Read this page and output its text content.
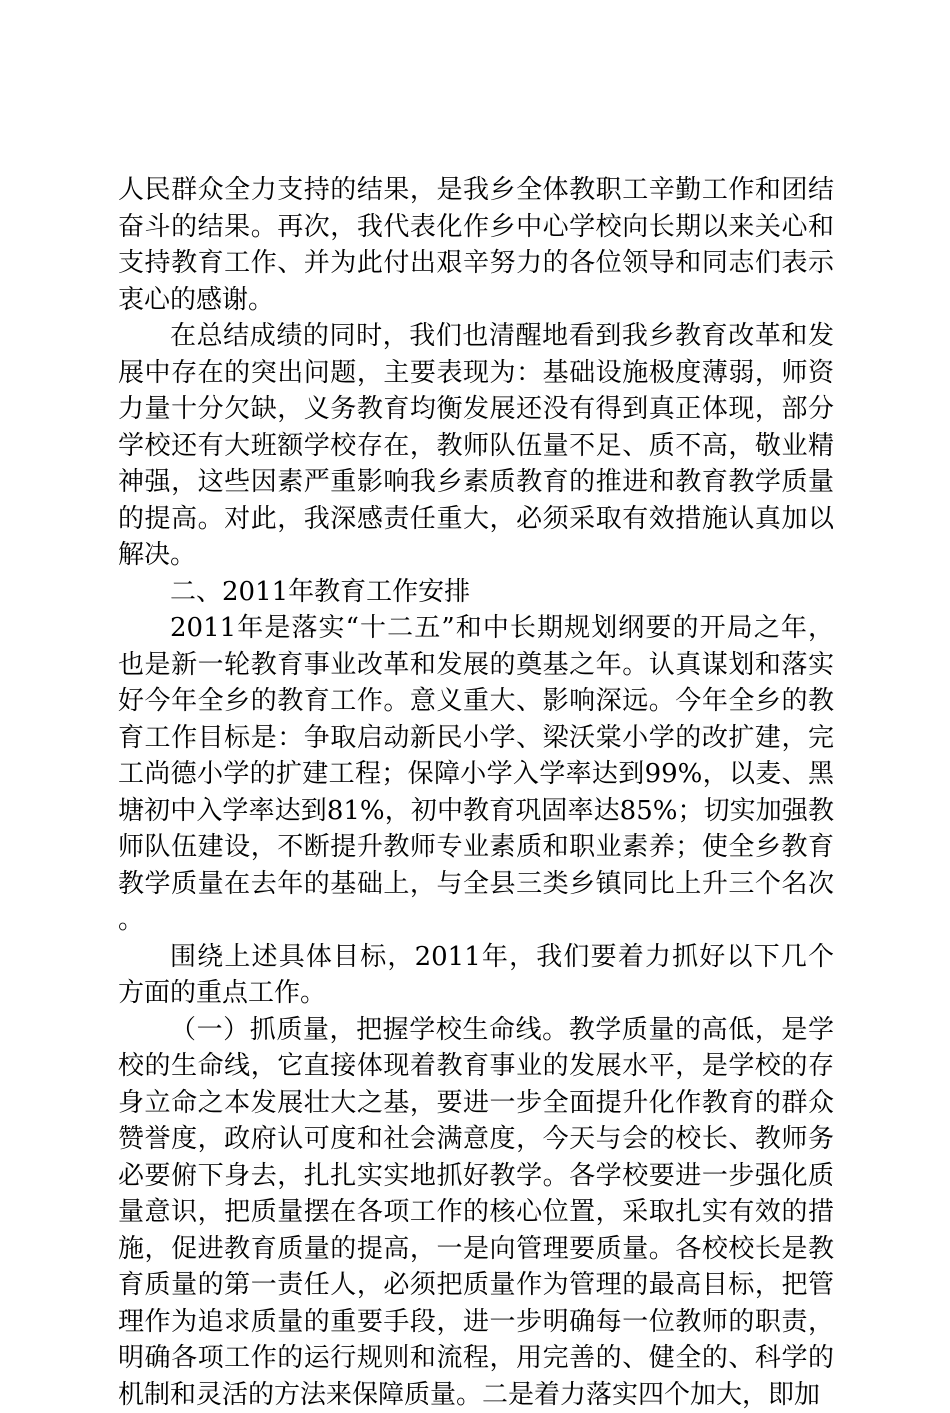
人民群众全力支持的结果，是我乡全体教职工辛勤工作和团结奋斗的结果。再次，我代表化作乡中心学校向长期以来关心和支持教育工作、并为此付出艰辛努力的各位领导和同志们表示衷心的感谢。

在总结成绩的同时，我们也清醒地看到我乡教育改革和发展中存在的突出问题，主要表现为：基础设施极度薄弱，师资力量十分欠缺，义务教育均衡发展还没有得到真正体现，部分学校还有大班额学校存在，教师队伍量不足、质不高，敬业精神强，这些因素严重影响我乡素质教育的推进和教育教学质量的提高。对此，我深感责任重大，必须采取有效措施认真加以解决。

二、2011年教育工作安排

2011年是落实“十二五”和中长期规划纲要的开局之年，也是新一轮教育事业改革和发展的奠基之年。认真谋划和落实好今年全乡的教育工作。意义重大、影响深远。今年全乡的教育工作目标是：争取启动新民小学、梁沃棠小学的改扩建，完工尚德小学的扩建工程；保障小学入学率达到99%，以麦、黑塘初中入学率达到81%，初中教育巩固率达85%；切实加强教师队伍建设，不断提升教师专业素质和职业素养；使全乡教育教学质量在去年的基础上，与全县三类乡镇同比上升三个名次。

围绕上述具体目标，2011年，我们要着力抓好以下几个方面的重点工作。

（一）抓质量，把握学校生命线。教学质量的高低，是学校的生命线，它直接体现着教育事业的发展水平，是学校的存身立命之本发展壮大之基，要进一步全面提升化作教育的群众赞誉度，政府认可度和社会满意度，今天与会的校长、教师务必要俯下身去，扎扎实实地抓好教学。各学校要进一步强化质量意识，把质量摆在各项工作的核心位置，采取扎实有效的措施，促进教育质量的提高，一是向管理要质量。各校校长是教育质量的第一责任人，必须把质量作为管理的最高目标，把管理作为追求质量的重要手段，进一步明确每一位教师的职责，明确各项工作的运行规则和流程，用完善的、健全的、科学的机制和灵活的方法来保障质量。二是着力落实四个加大，即加
